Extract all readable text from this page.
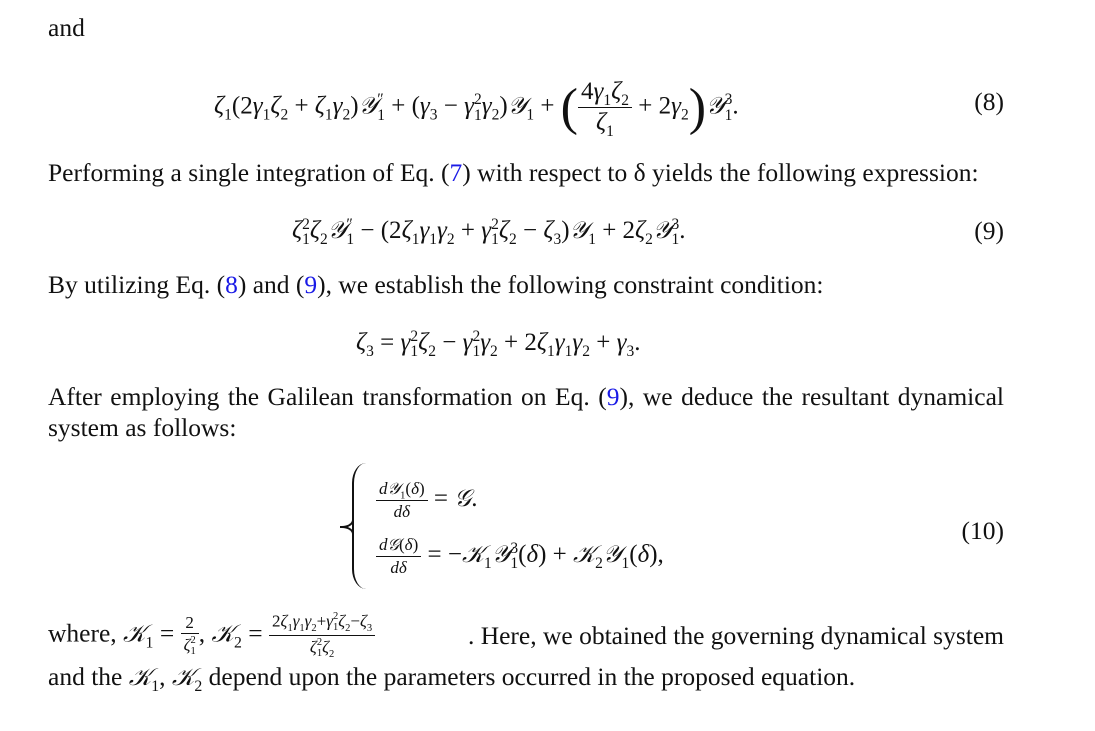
and
$\zeta_1(2\gamma_1\zeta_2$ + $\zeta_1\gamma_2)𝒴$ ″
$1 + (\gamma_3 - \gamma$ 2
1 $\gamma_2)𝒴_1$ + ( $\frac{4\gamma_1\zeta_2}{\zeta_1}$ + $2\gamma_2)𝒴$ 3
1 .	(8)
Performing a single integration of Eq. (7) with respect to δ yields the following expression:
ζ 2
1 $\zeta_2𝒴$ ″
$1 - (2\zeta_1\gamma_1\gamma_2 + \gamma$ 2
1 $\zeta_2$ − $\zeta_3)𝒴_1$ + $2\zeta_2𝒴$ 3
1 .	(9)
By utilizing Eq. (8) and (9), we establish the following constraint condition:
$\zeta_3 = \gamma$ 2
1 $\zeta_2 - \gamma$ 2
1 $\gamma_2 + 2\zeta_1\gamma_1\gamma_2 + \gamma_3$.
After employing the Galilean transformation on Eq. (9), we deduce the resultant dynamical
system as follows:
$\frac{d𝒴_1(\delta)}{d\delta}$ = 𝒢.
$\frac{\text{d𝒢(δ)}}{d\delta}$ = −𝒦$_1$𝒴 3
1 (δ) + 𝒦$_2$𝒴$_1$(δ),
(10)
where, 𝒦$_1$ = 2
ζ 2
1 , 𝒦$_2$ = $2\zeta_1\gamma_1\gamma_2+\gamma$ 2
1 $\zeta_2-\zeta_3$
ζ 2
1 $\zeta_2$	. Here, we obtained the governing dynamical system
and the 𝒦$_1$, 𝒦$_2$ depend upon the parameters occurred in the proposed equation.
